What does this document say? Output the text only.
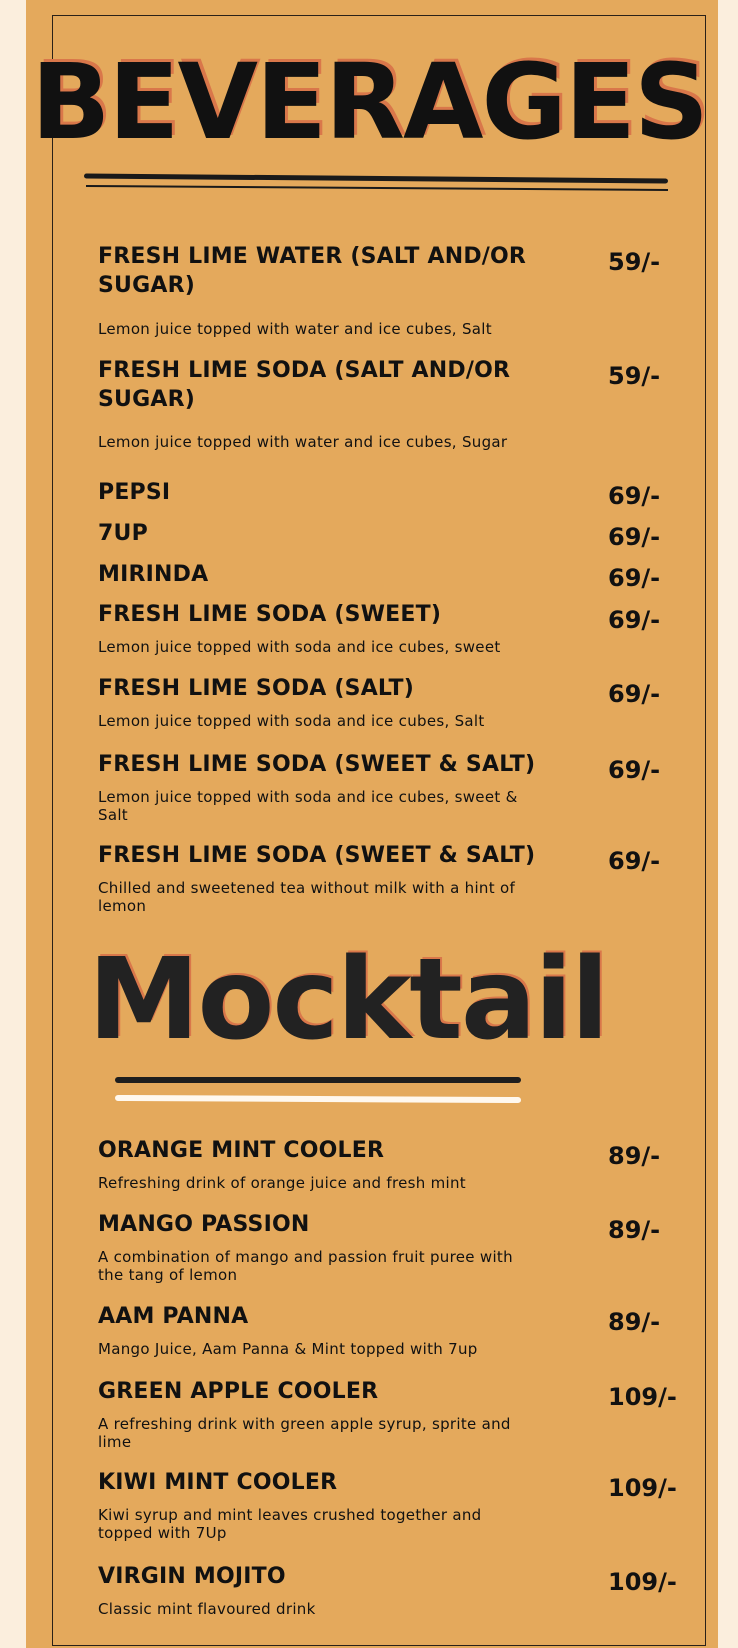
BEVERAGES
FRESH LIME WATER (SALT AND/OR SUGAR)
Lemon juice topped with water and ice cubes, Salt
59/-
FRESH LIME SODA (SALT AND/OR SUGAR)
Lemon juice topped with water and ice cubes, Sugar
59/-
PEPSI	69/-
7UP	69/-
MIRINDA	69/-
FRESH LIME SODA (SWEET)
Lemon juice topped with soda and ice cubes, sweet
69/-
FRESH LIME SODA (SALT)
Lemon juice topped with soda and ice cubes, Salt
69/-
FRESH LIME SODA (SWEET & SALT)
Lemon juice topped with soda and ice cubes, sweet & Salt
69/-
FRESH LIME SODA (SWEET & SALT)
Chilled and sweetened tea without milk with a hint of lemon
69/-
Mocktail
ORANGE MINT COOLER
Refreshing drink of orange juice and fresh mint
89/-
MANGO PASSION
A combination of mango and passion fruit puree with the tang of lemon
89/-
AAM PANNA
Mango Juice, Aam Panna & Mint topped with 7up
89/-
GREEN APPLE COOLER
A refreshing drink with green apple syrup, sprite and lime
109/-
KIWI MINT COOLER
Kiwi syrup and mint leaves crushed together and topped with 7Up
109/-
VIRGIN MOJITO
Classic mint flavoured drink
109/-
